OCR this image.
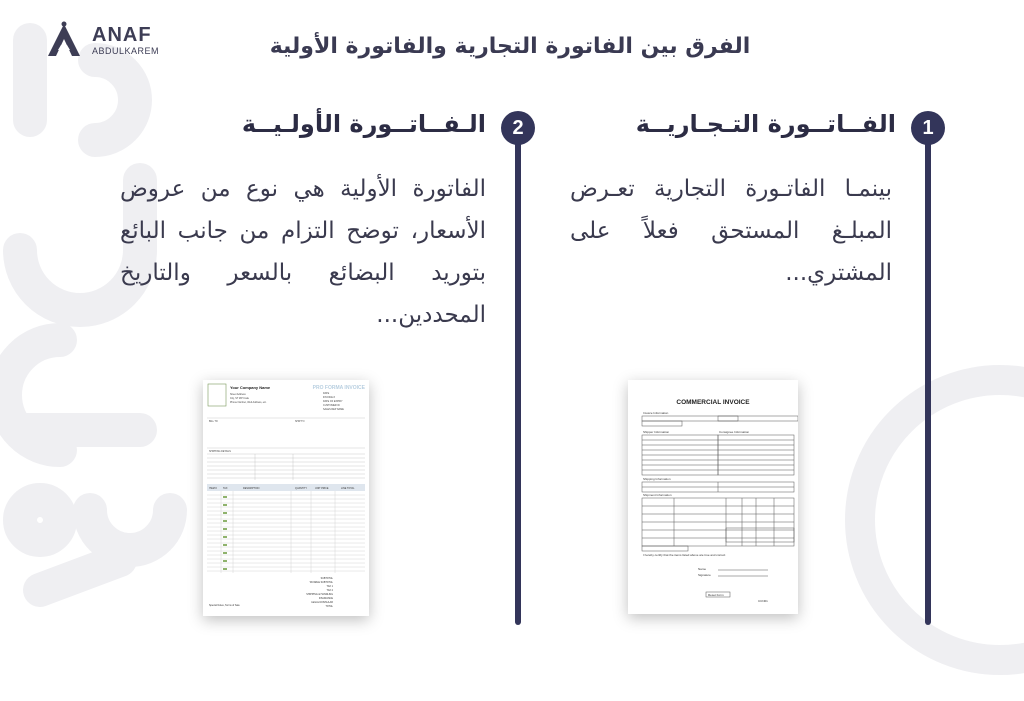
ANAF
ABDULKAREM	الفرق بين الفاتورة التجارية والفاتورة الأولية
1
الفــاتــورة التـجـاريــة
بينمـا الفاتـورة التجارية تعـرض المبلـغ المستحق فعلاً على المشتري...
COMMERCIAL INVOICE
Invoice Information
Shipper Information	Consignee Information
Shipping Information
Shipment Information
I hereby certify that the items listed above are true and correct
Name
Signature
Reset Form
CCN01
2
الـفــاتــورة الأولـيــة
الفاتورة الأولية هي نوع من عروض الأسعار، توضح التزام من جانب البائع بتوريد البضائع بالسعر والتاريخ المحددين...
Your Company Name	PRO FORMA INVOICE
Street Address
City, ST ZIP Code
Phone Number, Web Address, etc.
DATE
INVOICE #
DATE OF EXPIRY
CUSTOMER ID
SALES REP NAME
BILL TO	SHIP TO
SHIPPING DETAILS
ITEM #	TAX	DESCRIPTION	QUANTITY	UNIT PRICE	LINE TOTAL
SUBTOTAL
TAXABLE SUBTOTAL
TAX 1
TAX 2
SHIPPING & HANDLING
INSURANCE
LEGAL/CONSULAR
TOTAL
Special Notes, Terms of Sale
